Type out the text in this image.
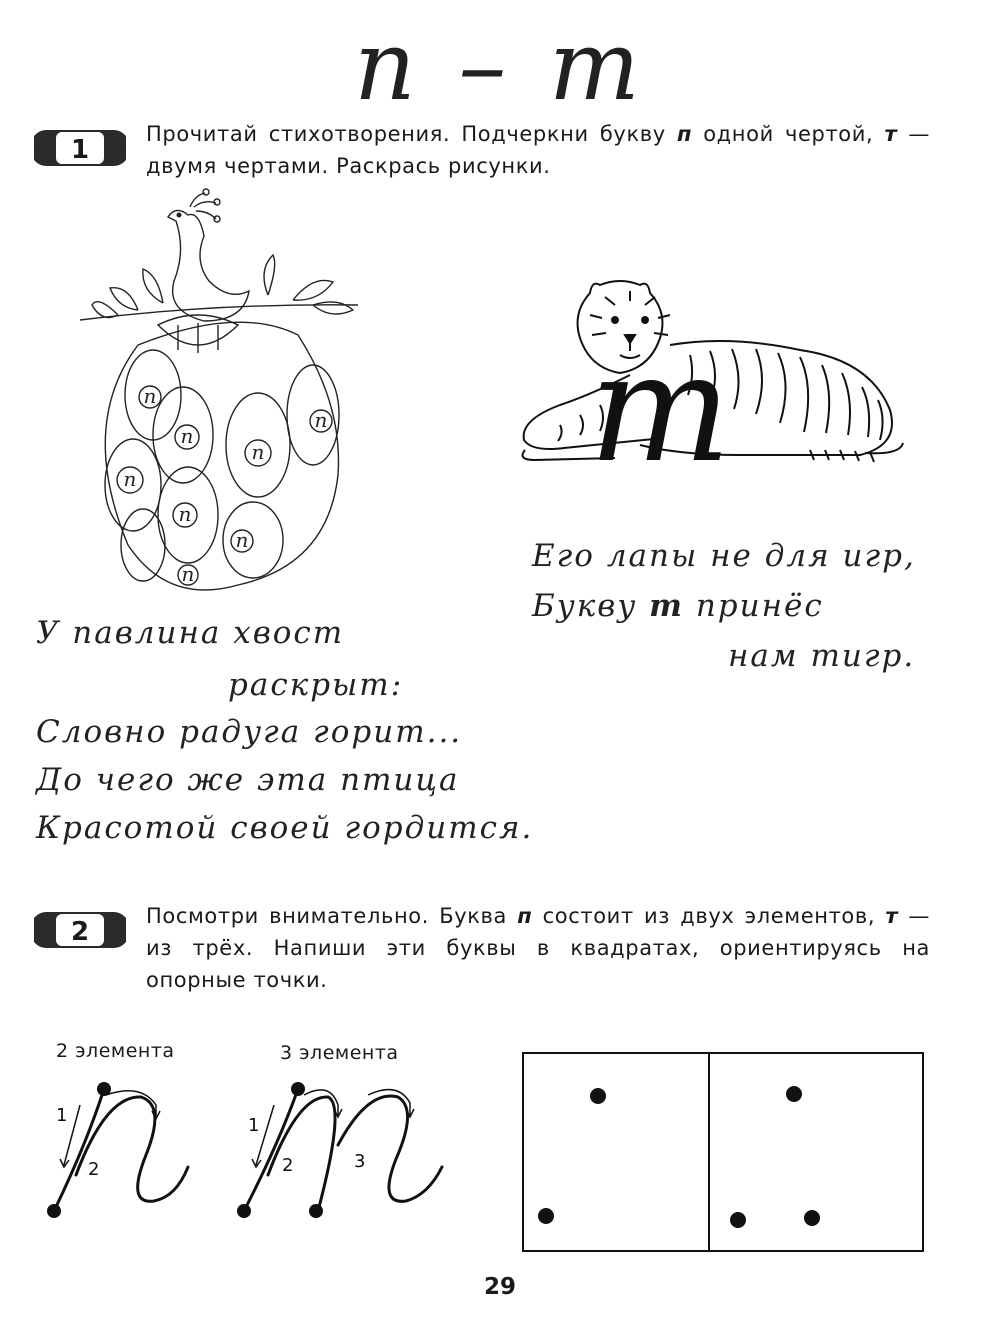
п – т
1
Прочитай стихотворения. Подчеркни букву п одной чертой, т — двумя чертами. Раскрась рисунки.
п
п
п
п
п
п
п
п
т
У павлина хвост
раскрыт:
Словно радуга горит...
До чего же эта птица
Красотой своей гордится.
Его лапы не для игр,
Букву т принёс
нам тигр.
2
Посмотри внимательно. Буква п состоит из двух элементов, т — из трёх. Напиши эти буквы в квадратах, ориентируясь на опорные точки.
2 элемента	3 элемента
1
2
1
2	3
29
